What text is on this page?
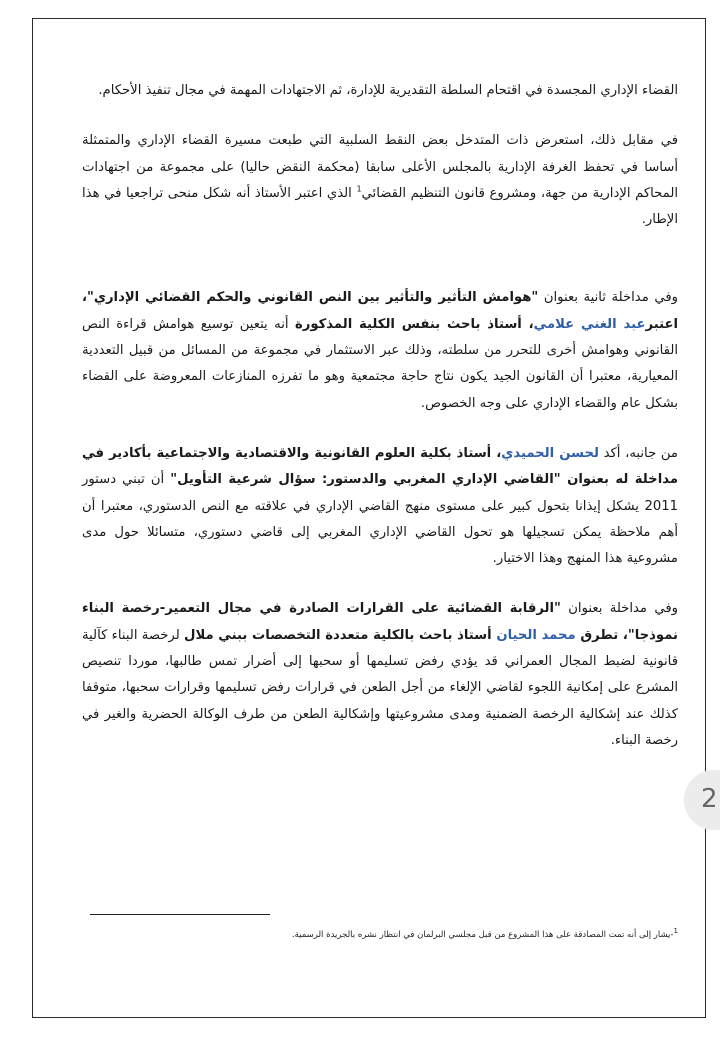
القضاء الإداري المجسدة في اقتحام السلطة التقديرية للإدارة، ثم الاجتهادات المهمة في مجال تنفيذ الأحكام.

في مقابل ذلك، استعرض ذات المتدخل بعض النقط السلبية التي طبعت مسيرة القضاء الإداري والمتمثلة أساسا في تحفظ الغرفة الإدارية بالمجلس الأعلى سابقا (محكمة النقض حاليا) على مجموعة من اجتهادات المحاكم الإدارية من جهة، ومشروع قانون التنظيم القضائي$^1$ الذي اعتبر الأستاذ أنه شكل منحى تراجعيا في هذا الإطار.

وفي مداخلة ثانية بعنوان "هوامش التأثير والتأثير بين النص القانوني والحكم القضائي الإداري"، اعتبرعبد الغني علامي، أستاذ باحث بنفس الكلية المذكورة أنه يتعين توسيع هوامش قراءة النص القانوني وهوامش أخرى للتحرر من سلطته، وذلك عبر الاستثمار في مجموعة من المسائل من قبيل التعددية المعيارية، معتبرا أن القانون الجيد يكون نتاج حاجة مجتمعية وهو ما تفرزه المنازعات المعروضة على القضاء بشكل عام والقضاء الإداري على وجه الخصوص.

من جانبه، أكد لحسن الحميدي، أستاذ بكلية العلوم القانونية والاقتصادية والاجتماعية بأكادير في مداخلة له بعنوان "القاضي الإداري المغربي والدستور: سؤال شرعية التأويل" أن تبني دستور 2011 يشكل إيذانا بتحول كبير على مستوى منهج القاضي الإداري في علاقته مع النص الدستوري، معتبرا أن أهم ملاحظة يمكن تسجيلها هو تحول القاضي الإداري المغربي إلى قاضي دستوري، متسائلا حول مدى مشروعية هذا المنهج وهذا الاختيار.

وفي مداخلة بعنوان "الرقابة القضائية على القرارات الصادرة في مجال التعمير-رخصة البناء نموذجا"، تطرق محمد الحيان أستاذ باحث بالكلية متعددة التخصصات ببني ملال لرخصة البناء كآلية قانونية لضبط المجال العمراني قد يؤدي رفض تسليمها أو سحبها إلى أضرار تمس طالبها، موردا تنصيص المشرع على إمكانية اللجوء لقاضي الإلغاء من أجل الطعن في قرارات رفض تسليمها وقرارات سحبها، متوقفا كذلك عند إشكالية الرخصة الضمنية ومدى مشروعيتها وإشكالية الطعن من طرف الوكالة الحضرية والغير في رخصة البناء.

$^1$-يشار إلى أنه تمت المصادقة على هذا المشروع من قبل مجلسي البرلمان في انتظار نشره بالجريدة الرسمية.
2
